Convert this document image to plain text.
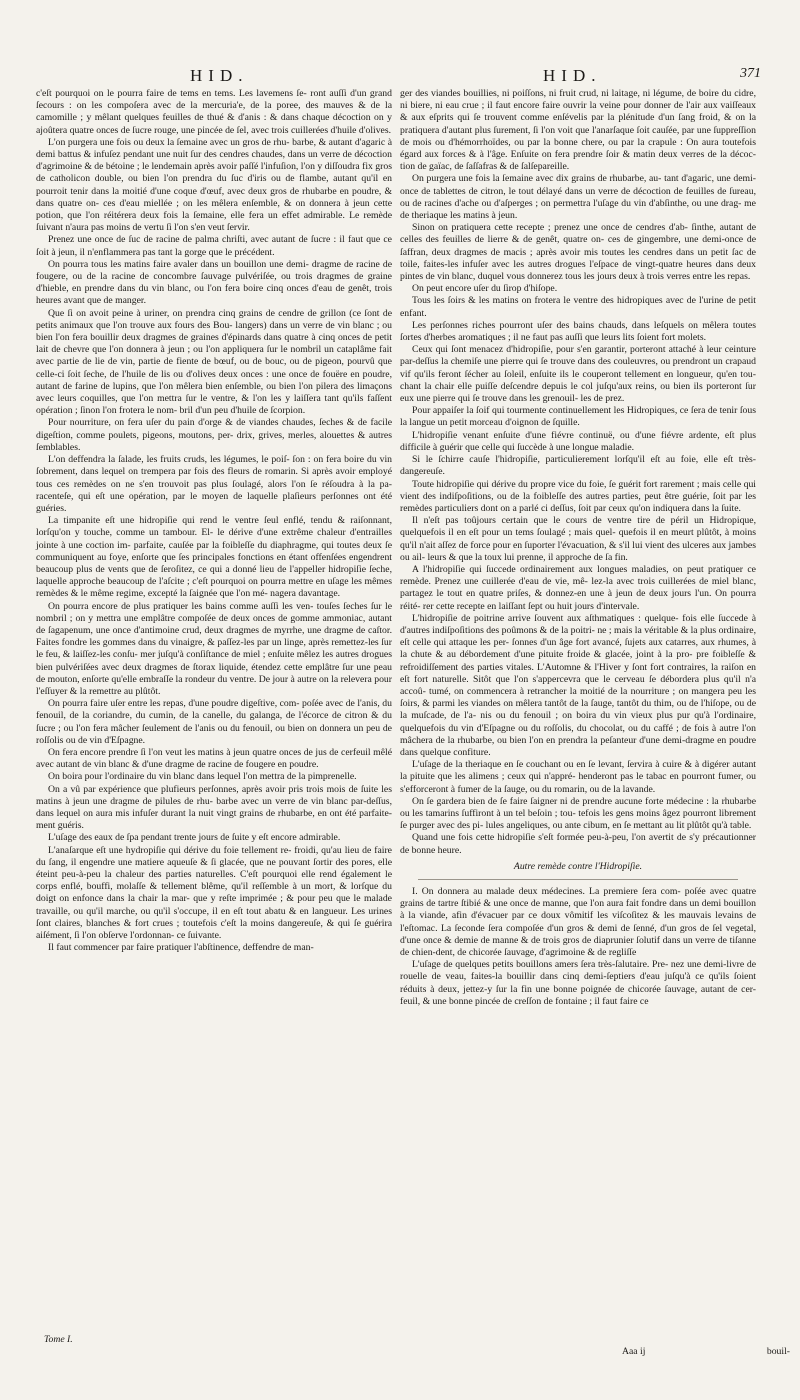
HID.	HID.	371

c'eſt pourquoi on le pourra faire de tems en tems. Les lavemens ſe- ront auſſi d'un grand ſecours : on les compoſera avec de la mercuria'e, de la poree, des mauves & de la camomille ; y mêlant quelques feuilles de thué & d'anis : & dans chaque décoction on y ajoûtera quatre onces de ſucre rouge, une pincée de ſel, avec trois cuillerées d'huile d'olives.

L'on purgera une fois ou deux la ſemaine avec un gros de rhu- barbe, & autant d'agaric à demi battus & infuſez pendant une nuit ſur des cendres chaudes, dans un verre de décoction d'agrimoine & de bétoine ; le lendemain après avoir paſſé l'infuſion, l'on y diſſoudra fix gros de catholicon double, ou bien l'on prendra du ſuc d'iris ou de flambe, autant qu'il en pourroit tenir dans la moitié d'une coque d'œuf, avec deux gros de rhubarbe en poudre, & dans quatre on- ces d'eau miellée ; on les mêlera enſemble, & on donnera à jeun cette potion, que l'on réitérera deux fois la ſemaine, elle fera un effet admirable. Le remède ſuivant n'aura pas moins de vertu ſi l'on s'en veut ſervir.

Prenez une once de ſuc de racine de palma chriſti, avec autant de ſucre : il faut que ce ſoit à jeun, il n'enflammera pas tant la gorge que le précédent.

On pourra tous les matins faire avaler dans un bouillon une demi- dragme de racine de fougere, ou de la racine de concombre ſauvage pulvériſée, ou trois dragmes de graine d'hieble, en prendre dans du vin blanc, ou l'on fera boire cinq onces d'eau de genêt, trois heures avant que de manger.

Que ſi on avoit peine à uriner, on prendra cinq grains de cendre de grillon (ce ſont de petits animaux que l'on trouve aux fours des Bou- langers) dans un verre de vin blanc ; ou bien l'on fera bouillir deux dragmes de graines d'épinards dans quatre à cinq onces de petit lait de chevre que l'on donnera à jeun ; ou l'on appliquera ſur le nombril un cataplâme fait avec partie de lie de vin, partie de fiente de bœuf, ou de bouc, ou de pigeon, pourvû que celle-ci ſoit ſeche, de l'huile de lis ou d'olives deux onces : une once de fouëre en poudre, autant de farine de lupins, que l'on mêlera bien enſemble, ou bien l'on pilera des limaçons avec leurs coquilles, que l'on mettra ſur le ventre, & l'on les y laiſſera tant qu'ils faſſent opération ; ſinon l'on frotera le nom- bril d'un peu d'huile de ſcorpion.

Pour nourriture, on fera uſer du pain d'orge & de viandes chaudes, ſeches & de facile digeſtion, comme poulets, pigeons, moutons, per- drix, grives, merles, alouettes & autres ſemblables.

L'on deffendra la ſalade, les fruits cruds, les légumes, le poiſ- ſon : on fera boire du vin ſobrement, dans lequel on trempera par fois des fleurs de romarin. Si après avoir employé tous ces remèdes on ne s'en trouvoit pas plus ſoulagé, alors l'on ſe réſoudra à la pa- racenteſe, qui eſt une opération, par le moyen de laquelle plaſieurs perſonnes ont été guéries.

La timpanite eſt une hidropiſie qui rend le ventre ſeul enflé, tendu & raiſonnant, lorſqu'on y touche, comme un tambour. El- le dérive d'une extrême chaleur d'entrailles jointe à une coction im- parfaite, cauſée par la foibleſſe du diaphragme, qui toutes deux ſe communiquent au foye, enſorte que ſes principales fonctions en étant offenſées engendrent beaucoup plus de vents que de ſeroſitez, ce qui a donné lieu de l'appeller hidropiſie ſeche, laquelle approche beaucoup de l'aſcite ; c'eſt pourquoi on pourra mettre en uſage les mêmes remèdes & le même regime, excepté la ſaignée que l'on mé- nagera davantage.

On pourra encore de plus pratiquer les bains comme auſſi les ven- touſes ſeches ſur le nombril ; on y mettra une emplâtre compoſée de deux onces de gomme ammoniac, autant de ſagapenum, une once d'antimoine crud, deux dragmes de myrrhe, une dragme de caſtor. Faites fondre les gommes dans du vinaigre, & paſſez-les par un linge, après remettez-les ſur le feu, & laiſſez-les conſu- mer juſqu'à conſiſtance de miel ; enſuite mêlez les autres drogues bien pulvériſées avec deux dragmes de ſtorax liquide, étendez cette emplâtre ſur une peau de mouton, enſorte qu'elle embraſſe la rondeur du ventre. De jour à autre on la relevera pour l'eſſuyer & la remettre au plûtôt.

On pourra faire uſer entre les repas, d'une poudre digeſtive, com- poſée avec de l'anis, du fenouil, de la coriandre, du cumin, de la canelle, du galanga, de l'écorce de citron & du ſucre ; ou l'on fera mâcher ſeulement de l'anis ou du fenouil, ou bien on donnera un peu de roſſolis ou de vin d'Eſpagne.

On fera encore prendre ſi l'on veut les matins à jeun quatre onces de jus de cerfeuil mêlé avec autant de vin blanc & d'une dragme de racine de fougere en poudre.

On boira pour l'ordinaire du vin blanc dans lequel l'on mettra de la pimprenelle.

On a vû par expérience que plufieurs perſonnes, après avoir pris trois mois de ſuite les matins à jeun une dragme de pilules de rhu- barbe avec un verre de vin blanc par-deſſus, dans lequel on aura mis infuſer durant la nuit vingt grains de rhubarbe, en ont été parfaite- ment guéris.

L'uſage des eaux de ſpa pendant trente jours de ſuite y eſt encore admirable.

L'anaſarque eſt une hydropiſie qui dérive du foie tellement re- froidi, qu'au lieu de faire du ſang, il engendre une matiere aqueuſe & ſi glacée, que ne pouvant ſortir des pores, elle éteint peu-à-peu la chaleur des parties naturelles. C'eſt pourquoi elle rend également le corps enflé, bouffi, molaſſe & tellement blême, qu'il reſſemble à un mort, & lorſque du doigt on enfonce dans la chair la mar- que y reſte imprimée ; & pour peu que le malade travaille, ou qu'il marche, ou qu'il s'occupe, il en eſt tout abatu & en langueur. Les urines ſont claires, blanches & fort crues ; toutefois c'eſt la moins dangereuſe, & qui ſe guérira aiſément, ſi l'on obſerve l'ordonnan- ce ſuivante.

Il faut commencer par faire pratiquer l'abſtinence, deffendre de man-

ger des viandes bouillies, ni poiſſons, ni fruit crud, ni laitage, ni légume, de boire du cidre, ni biere, ni eau crue ; il faut encore faire ouvrir la veine pour donner de l'air aux vaiſſeaux & aux eſprits qui ſe trouvent comme enſévelis par la plénitude d'un ſang froid, & on la pratiquera d'autant plus ſurement, ſi l'on voit que l'anarſaque ſoit cauſée, par une ſuppreſſion de mois ou d'hémorrhoïdes, ou par la bonne chere, ou par la crapule : On aura toutefois égard aux forces & à l'âge. Enſuite on fera prendre ſoir & matin deux verres de la décoc- tion de gaïac, de ſaſſafras & de ſalſepareille.

On purgera une fois la ſemaine avec dix grains de rhubarbe, au- tant d'agaric, une demi-once de tablettes de citron, le tout délayé dans un verre de décoction de feuilles de ſureau, ou de racines d'ache ou d'aſperges ; on permettra l'uſage du vin d'abſinthe, ou une drag- me de theriaque les matins à jeun.

Sinon on pratiquera cette recepte ; prenez une once de cendres d'ab- ſinthe, autant de celles des feuilles de lierre & de genêt, quatre on- ces de gingembre, une demi-once de ſaffran, deux dragmes de macis ; après avoir mis toutes les cendres dans un petit ſac de toile, faites-les infuſer avec les autres drogues l'eſpace de vingt-quatre heures dans deux pintes de vin blanc, duquel vous donnerez tous les jours deux à trois verres entre les repas.

On peut encore uſer du ſirop d'hiſope.

Tous les ſoirs & les matins on frotera le ventre des hidropiques avec de l'urine de petit enfant.

Les perſonnes riches pourront uſer des bains chauds, dans leſquels on mêlera toutes ſortes d'herbes aromatiques ; il ne faut pas auſſi que leurs lits ſoient fort molets.

Ceux qui ſont menacez d'hidropiſie, pour s'en garantir, porteront attaché à leur ceinture par-deſſus la chemiſe une pierre qui ſe trouve dans des couleuvres, ou prendront un crapaud vif qu'ils feront ſécher au ſoleil, enſuite ils le couperont tellement en longueur, qu'en tou- chant la chair elle puiſſe deſcendre depuis le col juſqu'aux reins, ou bien ils porteront ſur eux une pierre qui ſe trouve dans les grenouil- les de prez.

Pour appaiſer la ſoif qui tourmente continuellement les Hidropiques, ce ſera de tenir ſous la langue un petit morceau d'oignon de ſquille.

L'hidropiſie venant enſuite d'une fiévre continuë, ou d'une fiévre ardente, eſt plus difficile à guérir que celle qui ſuccède à une longue maladie.

Si le ſchirre cauſe l'hidropiſie, particulierement lorſqu'il eſt au foie, elle eſt très-dangereuſe.

Toute hidropiſie qui dérive du propre vice du foie, ſe guérit fort rarement ; mais celle qui vient des indiſpoſitions, ou de la foibleſſe des autres parties, peut être guérie, ſoit par les remèdes particuliers dont on a parlé ci deſſus, ſoit par ceux qu'on indiquera dans la ſuite.

Il n'eſt pas toûjours certain que le cours de ventre tire de péril un Hidropique, quelquefois il en eſt pour un tems ſoulagé ; mais quel- quefois il en meurt plûtôt, à moins qu'il n'ait aſſez de force pour en ſuporter l'évacuation, & s'il lui vient des ulceres aux jambes ou ail- leurs & que la toux lui prenne, il approche de ſa fin.

A l'hidropiſie qui ſuccede ordinairement aux longues maladies, on peut pratiquer ce remède. Prenez une cuillerée d'eau de vie, mê- lez-la avec trois cuillerées de miel blanc, partagez le tout en quatre priſes, & donnez-en une à jeun de deux jours l'un. On pourra réité- rer cette recepte en laiſſant ſept ou huit jours d'intervale.

L'hidropiſie de poitrine arrive ſouvent aux aſthmatiques : quelque- fois elle ſuccede à d'autres indiſpoſitions des poûmons & de la poitri- ne ; mais la véritable & la plus ordinaire, eſt celle qui attaque les per- ſonnes d'un âge fort avancé, ſujets aux catarres, aux rhumes, à la chute & au débordement d'une pituite froide & glacée, joint à la pro- pre foibleſſe & refroidiſſement des parties vitales. L'Automne & l'Hiver y ſont fort contraires, la raiſon en eſt fort naturelle. Sitôt que l'on s'appercevra que le cerveau ſe débordera plus qu'il n'a accoû- tumé, on commencera à retrancher la moitié de la nourriture ; on mangera peu les ſoirs, & parmi les viandes on mêlera tantôt de la ſauge, tantôt du thim, ou de l'hiſope, ou de la muſcade, de l'a- nis ou du fenouil ; on boira du vin vieux plus pur qu'à l'ordinaire, quelquefois du vin d'Eſpagne ou du roſſolis, du chocolat, ou du caffé ; de fois à autre l'on mâchera de la rhubarbe, ou bien l'on en prendra la peſanteur d'une demi-dragme en poudre dans quelque confiture.

L'uſage de la theriaque en ſe couchant ou en ſe levant, ſervira à cuire & à digérer autant la pituite que les alimens ; ceux qui n'appré- henderont pas le tabac en pourront fumer, ou s'efforceront à fumer de la ſauge, ou du romarin, ou de la lavande.

On ſe gardera bien de ſe faire ſaigner ni de prendre aucune forte médecine : la rhubarbe ou les tamarins ſuffiront à un tel beſoin ; tou- tefois les gens moins âgez pourront librement ſe purger avec des pi- lules angeliques, ou ante cibum, en ſe mettant au lit plûtôt qu'à table.

Quand une fois cette hidropiſie s'eſt formée peu-à-peu, l'on avertit de s'y précautionner de bonne heure.

Autre remède contre l'Hidropiſie.

I. On donnera au malade deux médecines. La premiere ſera com- poſée avec quatre grains de tartre ſtibié & une once de manne, que l'on aura fait fondre dans un demi bouillon à la viande, afin d'évacuer par ce doux vômitif les viſcoſitez & les mauvais levains de l'eſtomac. La ſeconde ſera compoſée d'un gros & demi de ſenné, d'un gros de ſel vegetal, d'une once & demie de manne & de trois gros de diaprunier ſolutif dans un verre de tiſanne de chien-dent, de chicorée ſauvage, d'agrimoine & de regliſſe

L'uſage de quelques petits bouillons amers ſera très-ſalutaire. Pre- nez une demi-livre de rouelle de veau, faites-la bouillir dans cinq demi-ſeptiers d'eau juſqu'à ce qu'ils ſoient réduits à deux, jettez-y ſur la fin une bonne poignée de chicorée ſauvage, autant de cer- feuil, & une bonne pincée de creſſon de fontaine ; il faut faire ce

Tome I.
Aaa ij	bouil-
